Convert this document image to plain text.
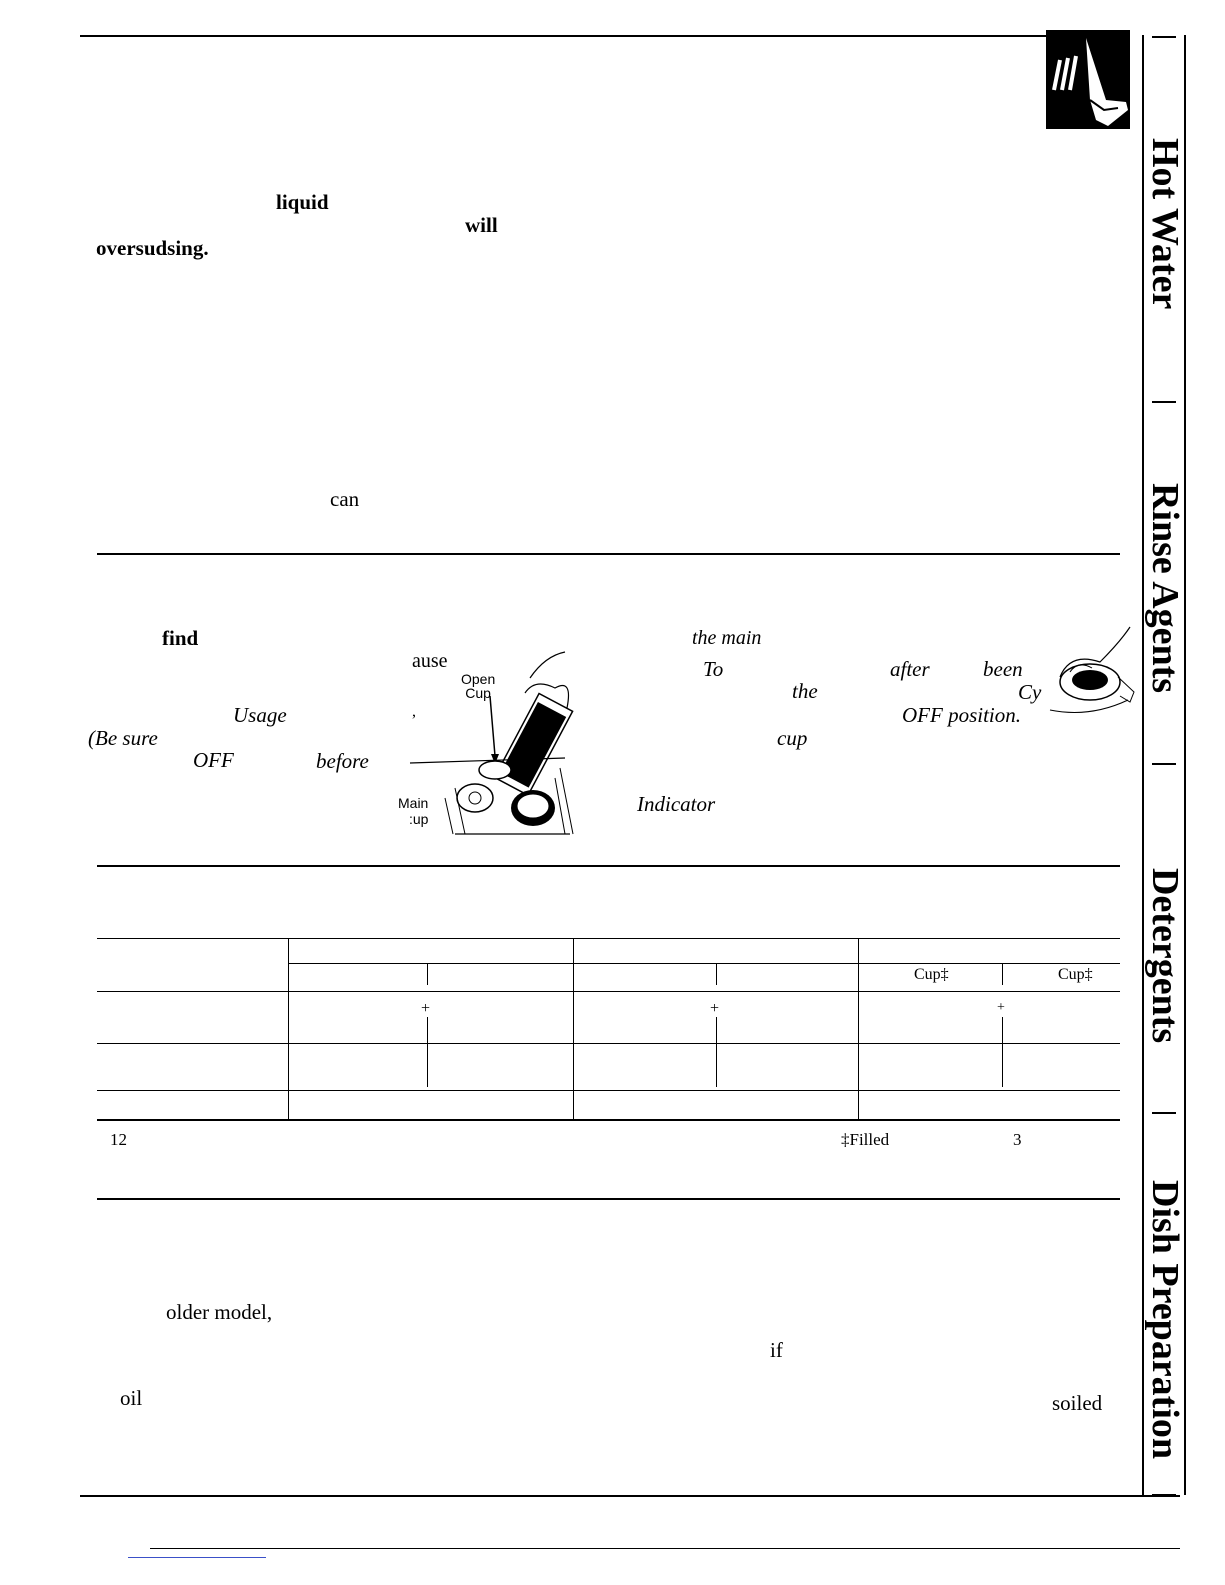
liquid
will
oversudsing.
can
find
ause
Usage	,
(Be sure
OFF	before
Open
Cup
Main
:up
the main
To	after	been
the	Cy
OFF position.
cup
Indicator
Cup‡	Cup‡
+	+	+
12	‡Filled	3
older model,
if
oil	soiled
Hot Water
Rinse Agents
Detergents
Dish Preparation
